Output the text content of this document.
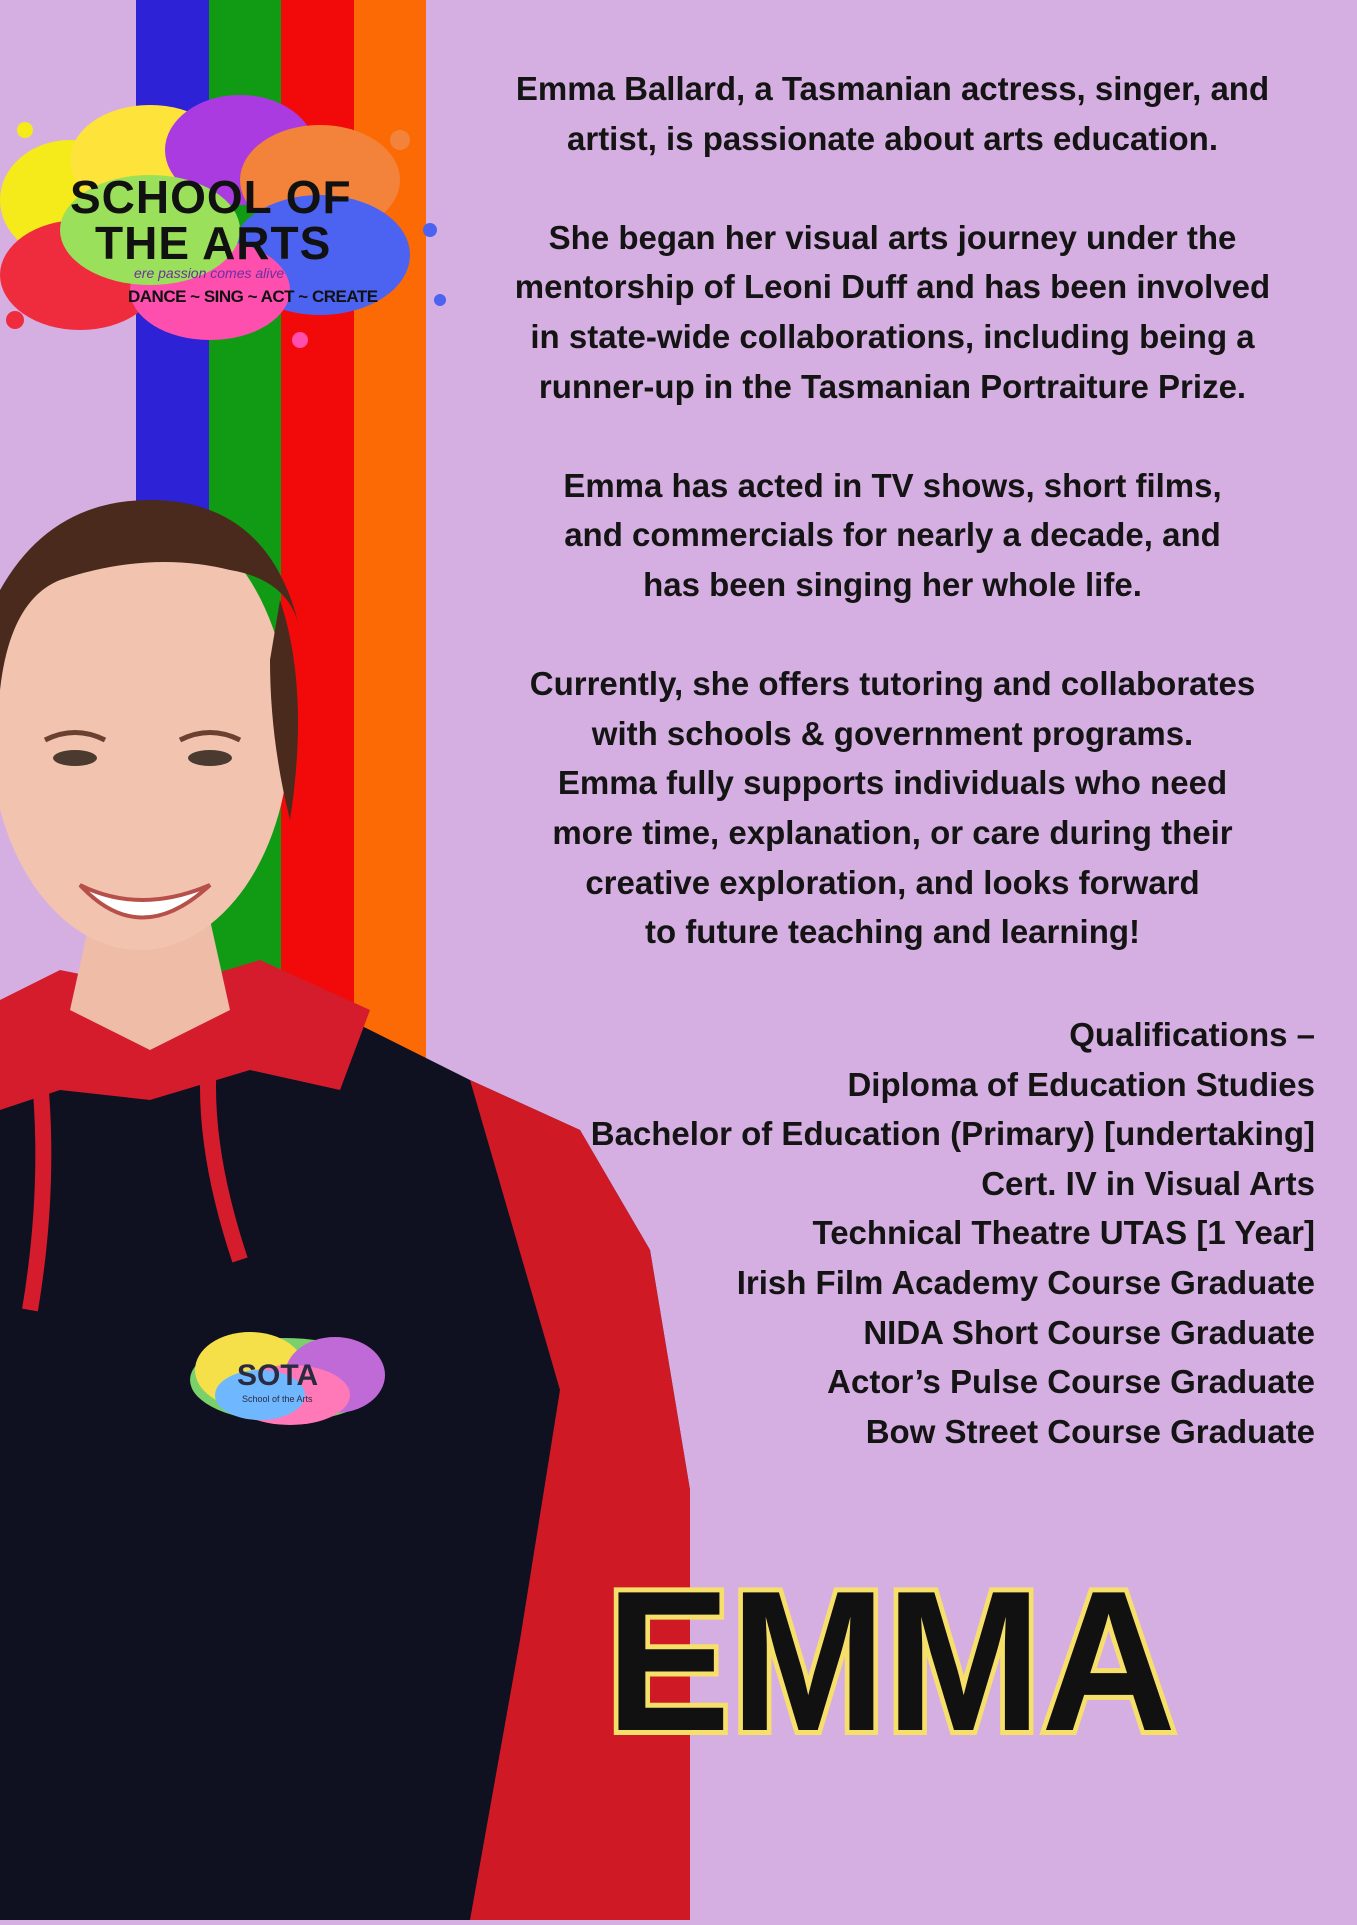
SCHOOL OF
THE ARTS
ere passion comes alive
DANCE ~ SING ~ ACT ~ CREATE
SOTA
School of the Arts

Emma Ballard, a Tasmanian actress, singer, and
artist, is passionate about arts education.

She began her visual arts journey under the
mentorship of Leoni Duff and has been involved
in state-wide collaborations, including being a
runner-up in the Tasmanian Portraiture Prize.

Emma has acted in TV shows, short films,
and commercials for nearly a decade, and
has been singing her whole life.

Currently, she offers tutoring and collaborates
with schools & government programs.
Emma fully supports individuals who need
more time, explanation, or care during their
creative exploration, and looks forward
to future teaching and learning!

Qualifications –
Diploma of Education Studies
Bachelor of Education (Primary) [undertaking]
Cert. IV in Visual Arts
Technical Theatre UTAS [1 Year]
Irish Film Academy Course Graduate
NIDA Short Course Graduate
Actor’s Pulse Course Graduate
Bow Street Course Graduate
EMMA
